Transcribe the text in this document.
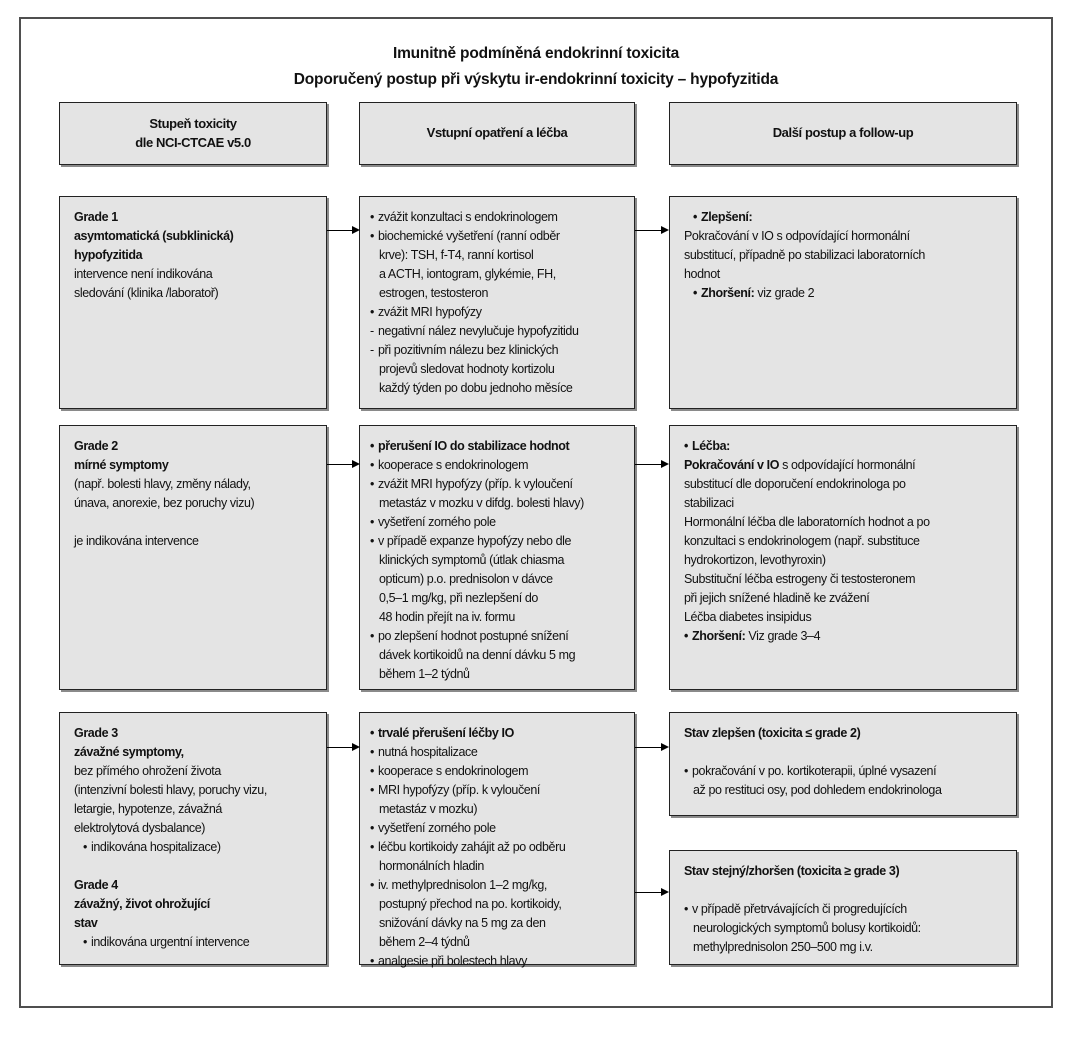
Imunitně podmíněná endokrinní toxicita
Doporučený postup při výskytu ir-endokrinní toxicity – hypofyzitida
Stupeň toxicity
dle NCI-CTCAE v5.0
Vstupní opatření a léčba	Další postup a follow-up
Grade 1
asymtomatická (subklinická)
hypofyzitida
intervence není indikována
sledování (klinika /laboratoř)
• zvážit konzultaci s endokrinologem
• biochemické vyšetření (ranní odběr
krve): TSH, f-T4, ranní kortisol
a ACTH, iontogram, glykémie, FH,
estrogen, testosteron
• zvážit MRI hypofýzy
- negativní nález nevylučuje hypofyzitidu
- při pozitivním nálezu bez klinických
projevů sledovat hodnoty kortizolu
každý týden po dobu jednoho měsíce
• Zlepšení:
Pokračování v IO s odpovídající hormonální
substitucí, případně po stabilizaci laboratorních
hodnot
• Zhoršení: viz grade 2
Grade 2
mírné symptomy
(např. bolesti hlavy, změny nálady,
únava, anorexie, bez poruchy vizu)

je indikována intervence
• přerušení IO do stabilizace hodnot
• kooperace s endokrinologem
• zvážit MRI hypofýzy (příp. k vyloučení
metastáz v mozku v difdg. bolesti hlavy)
• vyšetření zorného pole
• v případě expanze hypofýzy nebo dle
klinických symptomů (útlak chiasma
opticum) p.o. prednisolon v dávce
0,5–1 mg/kg, při nezlepšení do
48 hodin přejít na iv. formu
• po zlepšení hodnot postupné snížení
dávek kortikoidů na denní dávku 5 mg
během 1–2 týdnů
• Léčba:
Pokračování v IO s odpovídající hormonální
substitucí dle doporučení endokrinologa po
stabilizaci
Hormonální léčba dle laboratorních hodnot a po
konzultaci s endokrinologem (např. substituce
hydrokortizon, levothyroxin)
Substituční léčba estrogeny či testosteronem
při jejich snížené hladině ke zvážení
Léčba diabetes insipidus
• Zhoršení: Viz grade 3–4
Grade 3
závažné symptomy,
bez přímého ohrožení života
(intenzivní bolesti hlavy, poruchy vizu,
letargie, hypotenze, závažná
elektrolytová dysbalance)
• indikována hospitalizace)

Grade 4
závažný, život ohrožující
stav
• indikována urgentní intervence
• trvalé přerušení léčby IO
• nutná hospitalizace
• kooperace s endokrinologem
• MRI hypofýzy (příp. k vyloučení
metastáz v mozku)
• vyšetření zorného pole
• léčbu kortikoidy zahájit až po odběru
hormonálních hladin
• iv. methylprednisolon 1–2 mg/kg,
postupný přechod na po. kortikoidy,
snižování dávky na 5 mg za den
během 2–4 týdnů
• analgesie při bolestech hlavy
Stav zlepšen (toxicita ≤ grade 2)

• pokračování v po. kortikoterapii, úplné vysazení
až po restituci osy, pod dohledem endokrinologa
Stav stejný/zhoršen (toxicita ≥ grade 3)

• v případě přetrvávajících či progredujících
neurologických symptomů bolusy kortikoidů:
methylprednisolon 250–500 mg i.v.
